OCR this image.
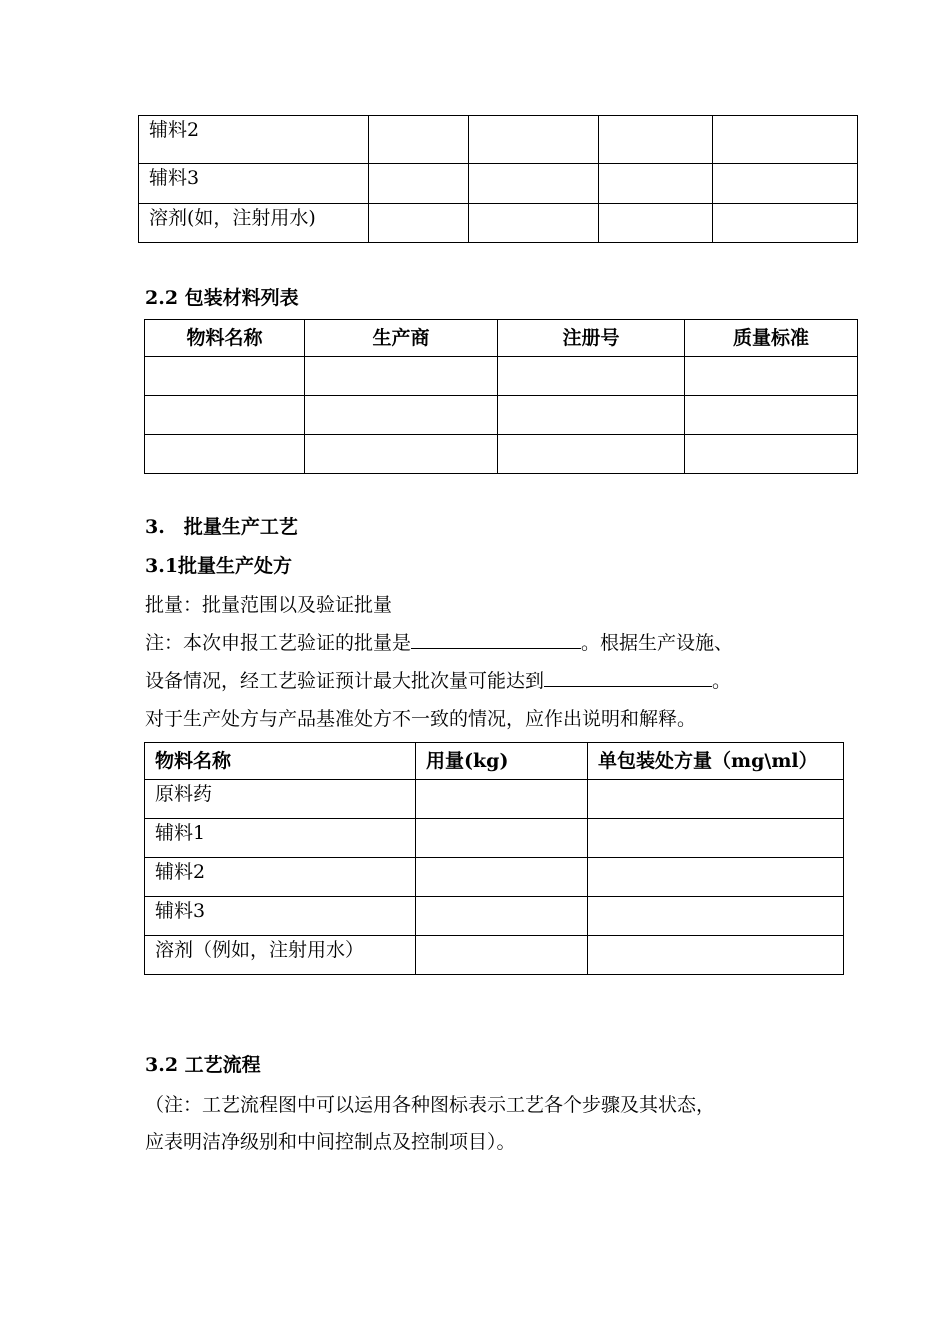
辅料2				
辅料3				
溶剂(如，注射用水)				
2.2 包装材料列表
物料名称	生产商	注册号	质量标准

3.　批量生产工艺
3.1批量生产处方
批量：批量范围以及验证批量
注：本次申报工艺验证的批量是	。根据生产设施、
设备情况，经工艺验证预计最大批次量可能达到	。
对于生产处方与产品基准处方不一致的情况，应作出说明和解释。
物料名称	用量(kg)	单包装处方量（mg\ml）
原料药		
辅料1		
辅料2		
辅料3		
溶剂（例如，注射用水）		
3.2 工艺流程
（注：工艺流程图中可以运用各种图标表示工艺各个步骤及其状态，
应表明洁净级别和中间控制点及控制项目）。
